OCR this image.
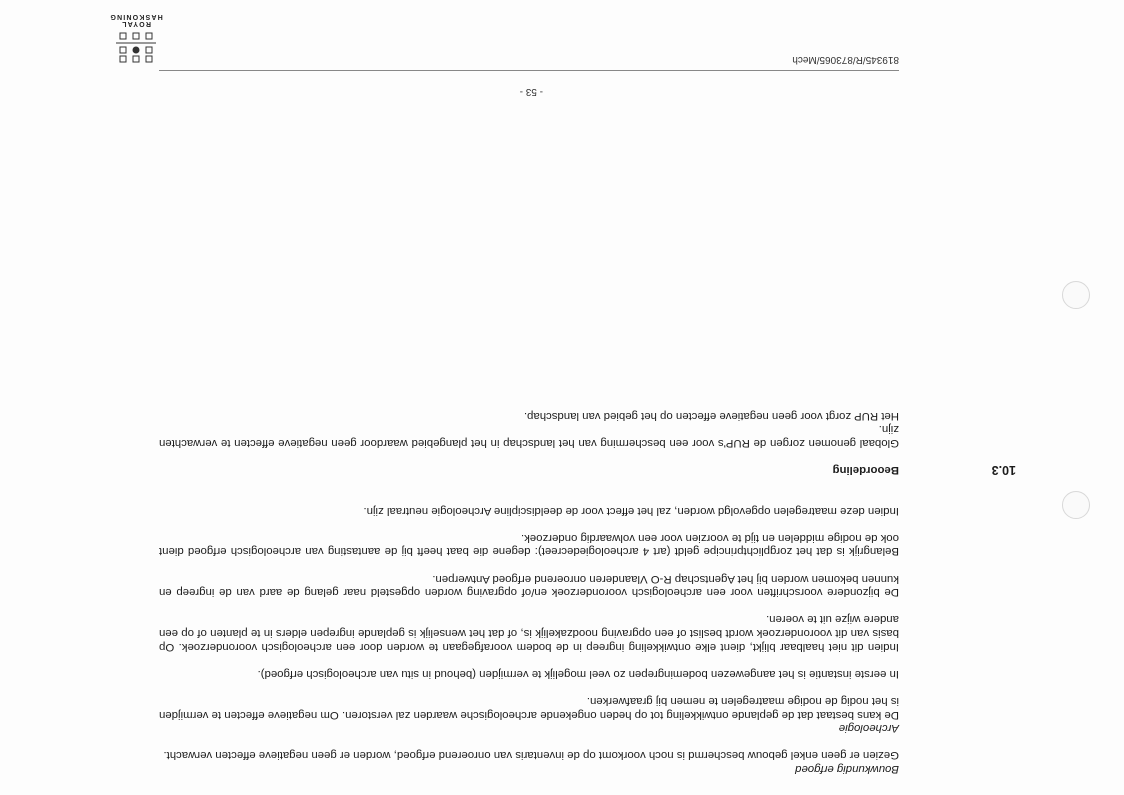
ROYAL HASKONING

Bouwkundig erfgoed

Gezien er geen enkel gebouw beschermd is noch voorkomt op de inventaris van onroerend erfgoed, worden er geen negatieve effecten verwacht.

Archeologie

De kans bestaat dat de geplande ontwikkeling tot op heden ongekende archeologische waarden zal verstoren. Om negatieve effecten te vermijden is het nodig de nodige maatregelen te nemen bij graafwerken.

In eerste instantie is het aangewezen bodemingrepen zo veel mogelijk te vermijden (behoud in situ van archeologisch erfgoed).

Indien dit niet haalbaar blijkt, dient elke ontwikkeling ingreep in de bodem voorafgegaan te worden door een archeologisch vooronderzoek. Op basis van dit vooronderzoek wordt beslist of een opgraving noodzakelijk is, of dat het wenselijk is geplande ingrepen elders in te planten of op een andere wijze uit te voeren.

De bijzondere voorschriften voor een archeologisch vooronderzoek en/of opgraving worden opgesteld naar gelang de aard van de ingreep en kunnen bekomen worden bij het Agentschap R-O Vlaanderen onroerend erfgoed Antwerpen.

Belangrijk is dat het zorgplichtprincipe geldt (art 4 archeologiedecreet): degene die baat heeft bij de aantasting van archeologisch erfgoed dient ook de nodige middelen en tijd te voorzien voor een volwaardig onderzoek.

Indien deze maatregelen opgevolgd worden, zal het effect voor de deeldiscipline Archeologie neutraal zijn.

10.3
Beoordeling

Globaal genomen zorgen de RUP's voor een bescherming van het landschap in het plangebied waardoor geen negatieve effecten te verwachten zijn.

Het RUP zorgt voor geen negatieve effecten op het gebied van landschap.

819345/R/873065/Mech
- 53 -
